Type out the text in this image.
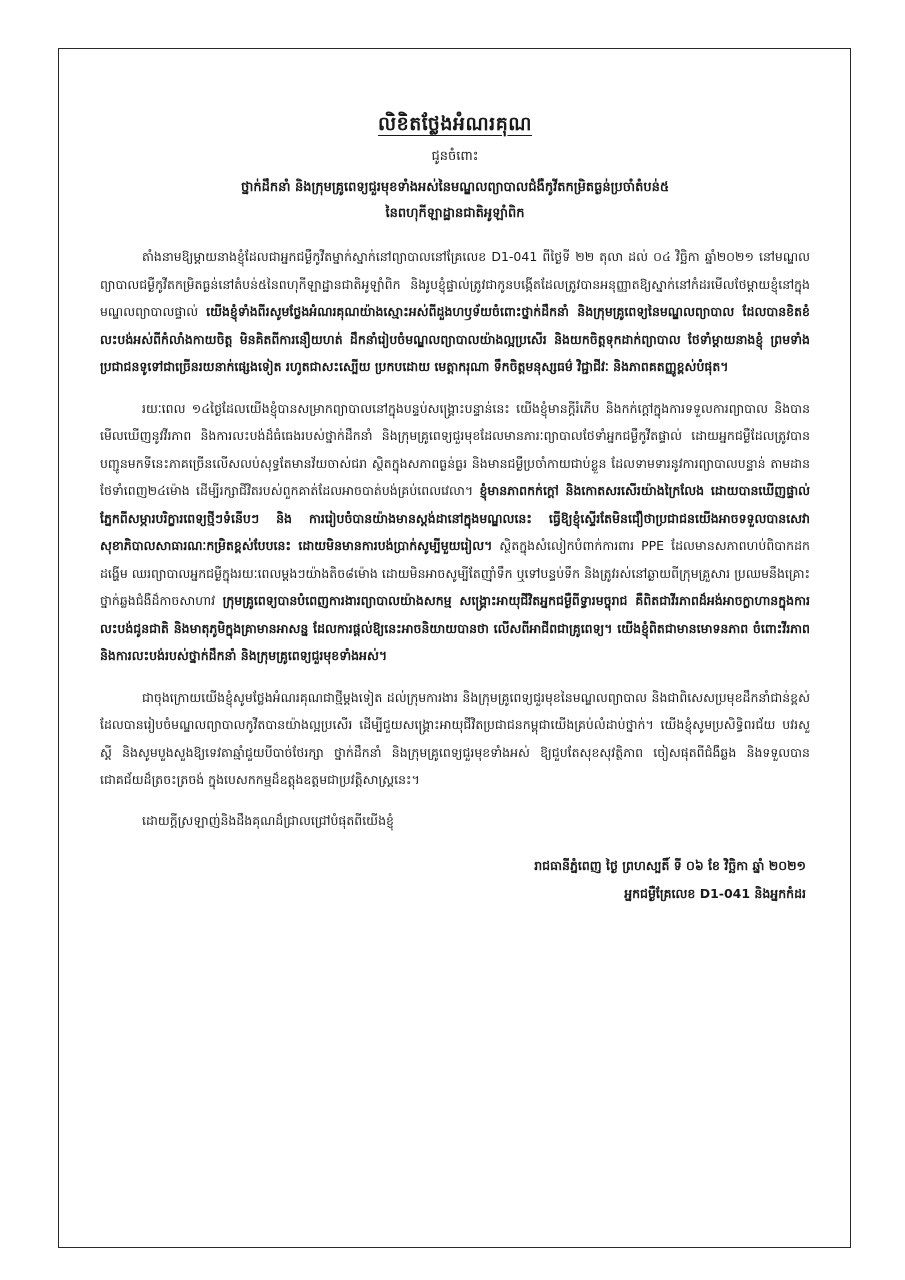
លិខិតថ្លែងអំណរគុណ
ជូនចំពោះ
ថ្នាក់ដឹកនាំ និងក្រុមគ្រូពេទ្យជួរមុខទាំងអស់នៃមណ្ឌលព្យាបាលជំងឺកូវីតកម្រិតធ្ងន់ប្រចាំតំបន់៥
នៃពហុកីឡាដ្ឋានជាតិអូឡាំពិក

តាំងនាមឱ្យម្តាយនាងខ្ញុំដែលជាអ្នកជម្ងឺកូវីតម្នាក់ស្នាក់នៅព្យាបាលនៅគ្រែលេខ D1-041 ពីថ្ងៃទី ២២ តុលា ដល់ ០៤ វិច្ឆិកា ឆ្នាំ២០២១ នៅមណ្ឌលព្យាបាលជម្ងឺកូវីតកម្រិតធ្ងន់នៅតំបន់៥នៃពហុកីឡាដ្ឋានជាតិអូឡាំពិក និងរូបខ្ញុំផ្ទាល់ត្រូវជាកូនបង្កើតដែលត្រូវបានអនុញ្ញាតឱ្យស្នាក់នៅកំដរមើលថែម្តាយខ្ញុំនៅក្នុងមណ្ឌលព្យាបាលផ្ទាល់ យើងខ្ញុំទាំងពីរសូមថ្លែងអំណរគុណយ៉ាងស្មោះអស់ពីដួងហឫទ័យចំពោះថ្នាក់ដឹកនាំ និងក្រុមគ្រូពេទ្យនៃមណ្ឌលព្យាបាល ដែលបានខិតខំ លះបង់អស់ពីកំលាំងកាយចិត្ត មិនគិតពីការនឿយហត់ ដឹកនាំរៀបចំមណ្ឌលព្យាបាលយ៉ាងល្អប្រសើរ និងយកចិត្តទុកដាក់ព្យាបាល ថែទាំម្តាយនាងខ្ញុំ ព្រមទាំងប្រជាជនទូទៅជាច្រើនរយនាក់ផ្សេងទៀត រហូតជាសះស្បើយ ប្រកបដោយ មេត្តាករុណា ទឹកចិត្តមនុស្សធម៌ វិជ្ជាជីវៈ និងភាពគតញ្ញូខ្ពស់បំផុត។

រយៈពេល ១៤ថ្ងៃដែលយើងខ្ញុំបានសម្រាកព្យាបាលនៅក្នុងបន្ទប់សង្គ្រោះបន្ទាន់នេះ យើងខ្ញុំមានក្តីរំភើប និងកក់ក្តៅក្នុងការទទួលការព្យាបាល និងបានមើលឃើញនូវវីរភាព និងការលះបង់ដ៏ធំធេងរបស់ថ្នាក់ដឹកនាំ និងក្រុមគ្រូពេទ្យជួរមុខដែលមានភារៈព្យាបាលថែទាំអ្នកជម្ងឺកូវីតផ្ទាល់ ដោយអ្នកជម្ងឺដែលត្រូវបានបញ្ជូនមកទីនេះភាគច្រើនលើសលប់សុទ្ធតែមានវ័យចាស់ជរា ស្ថិតក្នុងសភាពធ្ងន់ធ្ងរ និងមានជម្ងឺប្រចាំកាយជាប់ខ្លួន ដែលទាមទារនូវការព្យាបាលបន្ទាន់ តាមដានថែទាំពេញ២៤ម៉ោង ដើម្បីរក្សាជីវិតរបស់ពួកគាត់ដែលអាចបាត់បង់គ្រប់ពេលវេលា។ ខ្ញុំមានភាពកក់ក្តៅ និងកោតសរសើរយ៉ាងក្រៃលែង ដោយបានឃើញផ្ទាល់ភ្នែកពីសម្ភារបរិក្ខារពេទ្យថ្មីៗទំនើបៗ និង ការរៀបចំបានយ៉ាងមានស្តង់ដានៅក្នុងមណ្ឌលនេះ ធ្វើឱ្យខ្ញុំស្ទើរតែមិនជឿថាប្រជាជនយើងអាចទទួលបានសេវាសុខាភិបាលសាធារណៈកម្រិតខ្ពស់បែបនេះ ដោយមិនមានការបង់ប្រាក់សូម្បីមួយរៀល។ ស្ថិតក្នុងសំលៀកបំពាក់ការពារ PPE ដែលមានសភាពហប់ពិបាកដកដង្ហើម ឈរព្យាបាលអ្នកជម្ងឺក្នុងរយៈពេលម្តងៗយ៉ាងតិច៨ម៉ោង ដោយមិនអាចសូម្បីតែញ៉ាំទឹក ឬទៅបន្ទប់ទឹក និងត្រូវរស់នៅឆ្ងាយពីក្រុមគ្រួសារ ប្រឈមនឹងគ្រោះថ្នាក់ឆ្លងជំងឺដ៏កាចសាហាវ ក្រុមគ្រូពេទ្យបានបំពេញការងារព្យាបាលយ៉ាងសកម្ម សង្គ្រោះអាយុជីវិតអ្នកជម្ងឺពីទ្វារមច្ចុរាជ គឺពិតជាវីរភាពដ៏អង់អាចក្លាហានក្នុងការលះបង់ជូនជាតិ និងមាតុភូមិក្នុងគ្រាមានអាសន្ន ដែលការផ្តល់ឱ្យនេះអាចនិយាយបានថា លើសពីអាជីពជាគ្រូពេទ្យ។ យើងខ្ញុំពិតជាមានមោទនភាព ចំពោះវីរភាព និងការលះបង់របស់ថ្នាក់ដឹកនាំ និងក្រុមគ្រូពេទ្យជួរមុខទាំងអស់។

ជាចុងក្រោយយើងខ្ញុំសូមថ្លែងអំណរគុណជាថ្មីម្តងទៀត ដល់ក្រុមការងារ និងក្រុមគ្រូពេទ្យជួរមុខនៃមណ្ឌលព្យាបាល និងជាពិសេសប្រមុខដឹកនាំជាន់ខ្ពស់ ដែលបានរៀបចំមណ្ឌលព្យាបាលកូវីតបានយ៉ាងល្អប្រសើរ ដើម្បីជួយសង្គ្រោះអាយុជីវិតប្រជាជនកម្ពុជាយើងគ្រប់លំដាប់ថ្នាក់។ យើងខ្ញុំសូមប្រសិទ្ធិពរជ័យ បវរសួស្តី និងសូមបួងសួងឱ្យទេវតាឆ្មាំជួយបីបាច់ថែរក្សា ថ្នាក់ដឹកនាំ និងក្រុមគ្រូពេទ្យជួរមុខទាំងអស់ ឱ្យជួបតែសុខសុវត្ថិភាព ចៀសផុតពីជំងឺឆ្លង និងទទួលបានជោគជ័យដ៏ត្រចះត្រចង់ ក្នុងបេសកកម្មដ៏ឧត្តុងឧត្តមជាប្រវត្តិសាស្ត្រនេះ។

ដោយក្តីស្រឡាញ់និងដឹងគុណដ៏ជ្រាលជ្រៅបំផុតពីយើងខ្ញុំ

រាជធានីភ្នំពេញ ថ្ងៃ ព្រហស្បតិ៍ ទី ០៦ ខែ វិច្ឆិកា ឆ្នាំ ២០២១
អ្នកជម្ងឺគ្រែលេខ D1-041 និងអ្នកកំដរ
